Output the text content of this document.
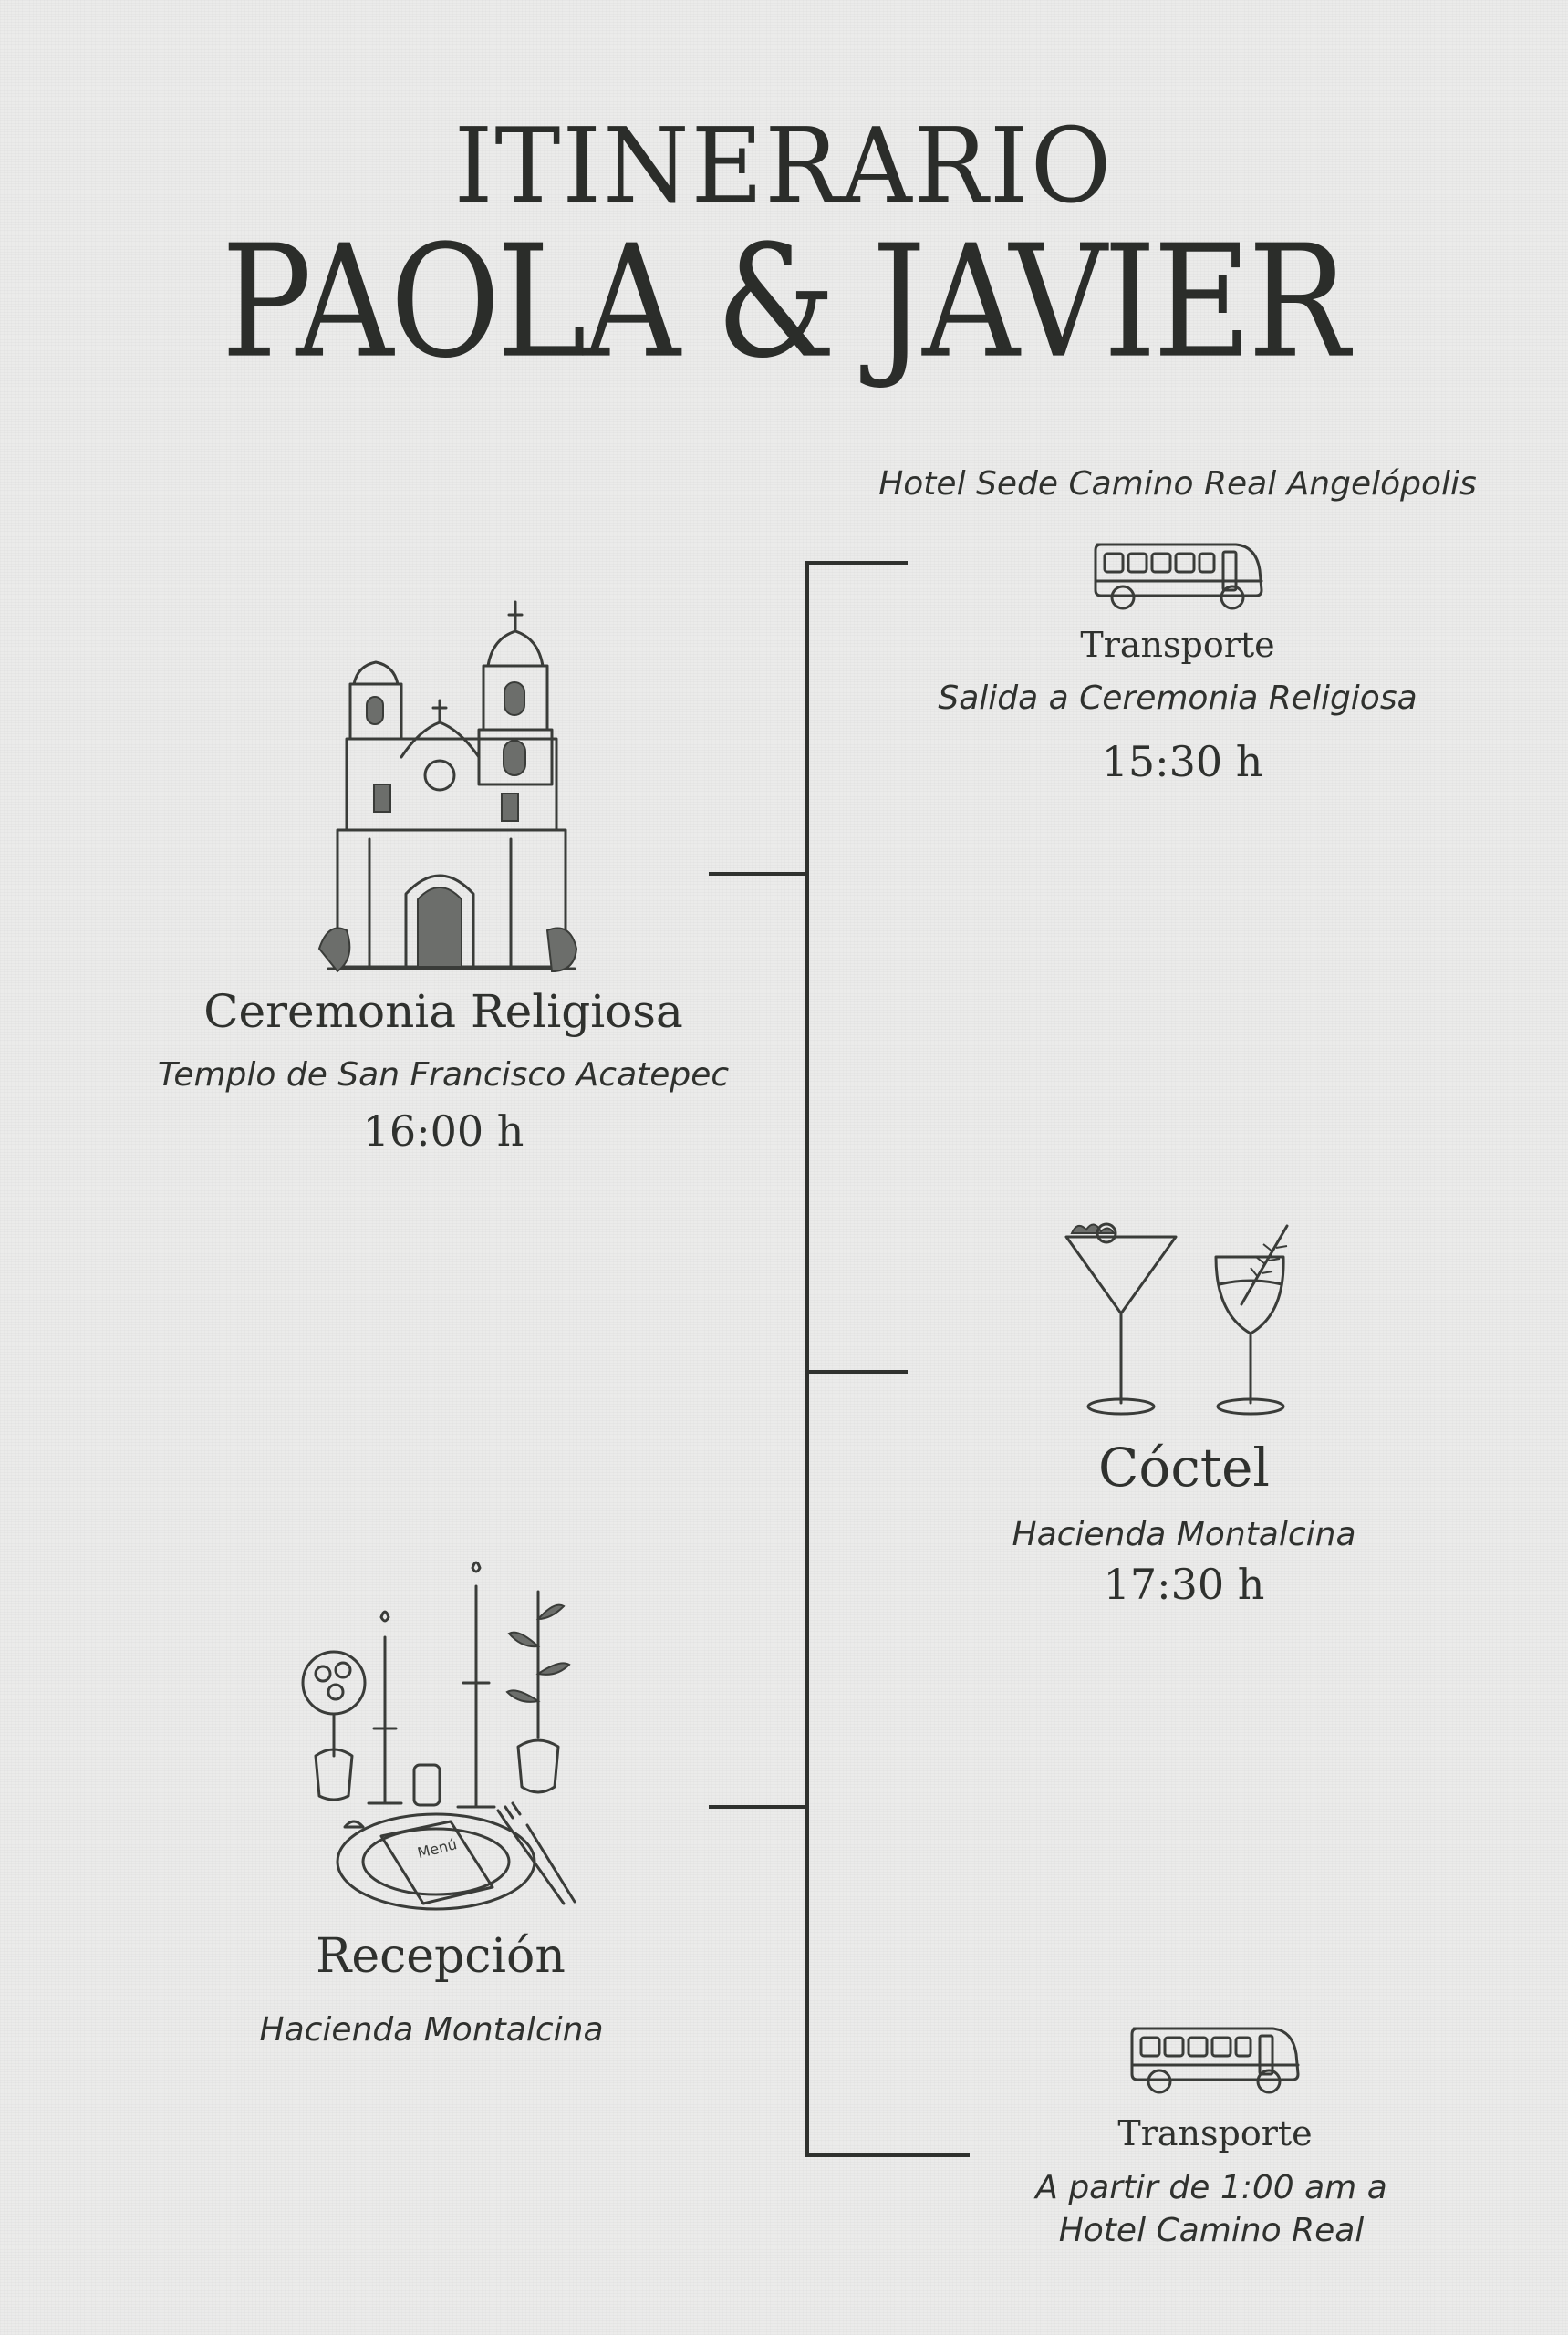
ITINERARIO
PAOLA & JAVIER
Hotel Sede Camino Real Angelópolis
Transporte
Salida a Ceremonia Religiosa
15:30 h
Ceremonia Religiosa
Templo de San Francisco Acatepec
16:00 h
Cóctel
Hacienda Montalcina
17:30 h
Menú
Recepción
Hacienda Montalcina
Transporte
A partir de 1:00 am a
Hotel Camino Real
